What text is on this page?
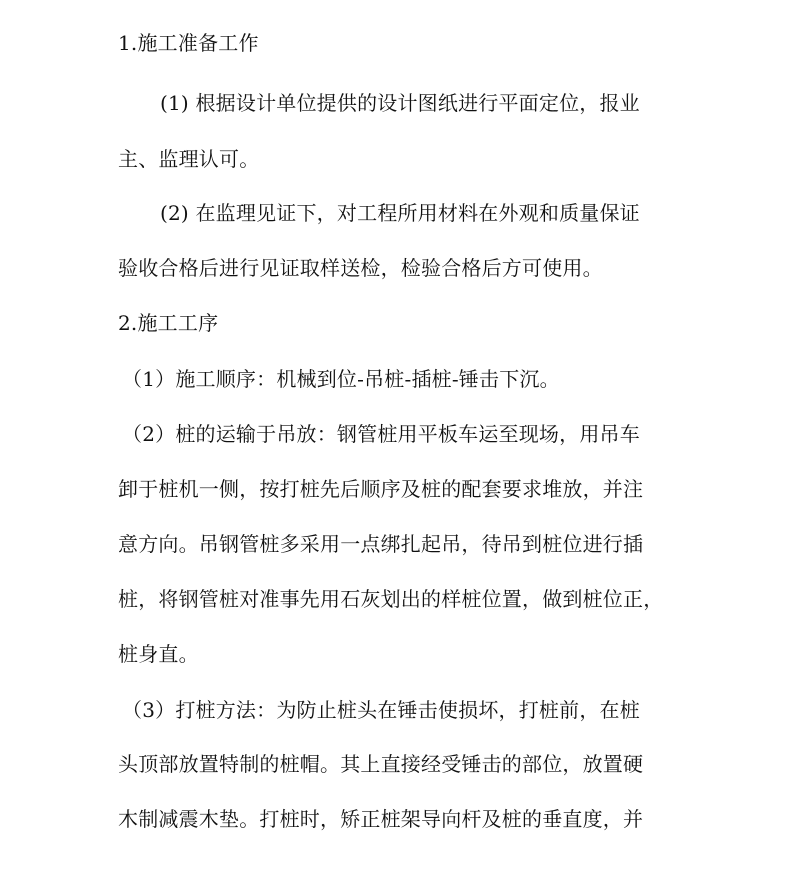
1.施工准备工作
(1) 根据设计单位提供的设计图纸进行平面定位，报业
主、监理认可。
(2) 在监理见证下，对工程所用材料在外观和质量保证
验收合格后进行见证取样送检，检验合格后方可使用。
2.施工工序
（1）施工顺序：机械到位-吊桩-插桩-锤击下沉。
（2）桩的运输于吊放：钢管桩用平板车运至现场，用吊车
卸于桩机一侧，按打桩先后顺序及桩的配套要求堆放，并注
意方向。吊钢管桩多采用一点绑扎起吊，待吊到桩位进行插
桩，将钢管桩对准事先用石灰划出的样桩位置，做到桩位正，
桩身直。
（3）打桩方法：为防止桩头在锤击使损坏，打桩前，在桩
头顶部放置特制的桩帽。其上直接经受锤击的部位，放置硬
木制减震木垫。打桩时，矫正桩架导向杆及桩的垂直度，并
